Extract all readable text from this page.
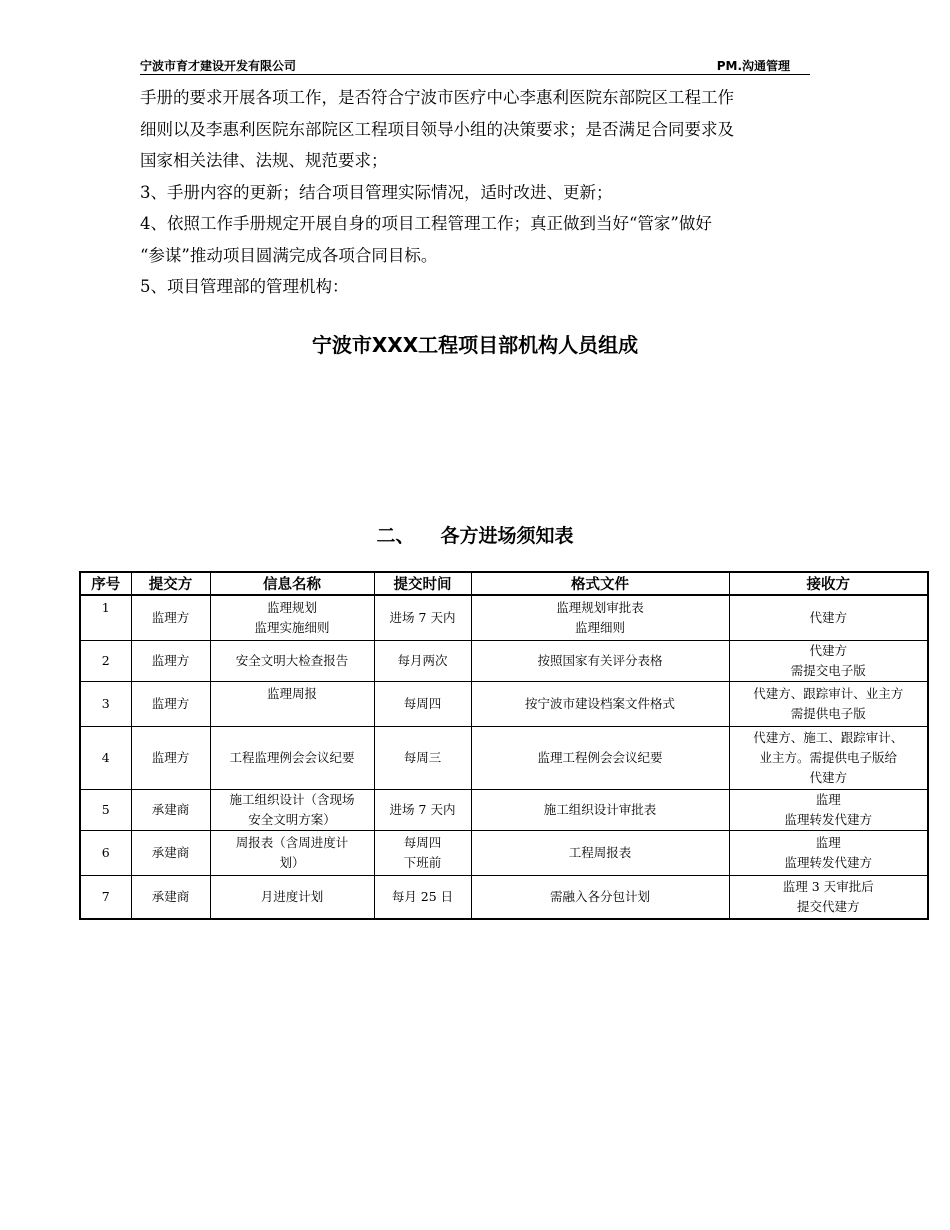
宁波市育才建设开发有限公司	PM.沟通管理

手册的要求开展各项工作，是否符合宁波市医疗中心李惠利医院东部院区工程工作

细则以及李惠利医院东部院区工程项目领导小组的决策要求；是否满足合同要求及

国家相关法律、法规、规范要求；

3、手册内容的更新；结合项目管理实际情况，适时改进、更新；

4、依照工作手册规定开展自身的项目工程管理工作；真正做到当好“管家”做好

“参谋”推动项目圆满完成各项合同目标。

5、项目管理部的管理机构：

宁波市XXX工程项目部机构人员组成
二、 各方进场须知表
序号	提交方	信息名称	提交时间	格式文件	接收方
1	监理方	监理规划
监理实施细则	进场 7 天内	监理规划审批表
监理细则	代建方

2	监理方	安全文明大检查报告	每月两次	按照国家有关评分表格	代建方
需提交电子版

3	监理方	监理周报	每周四	按宁波市建设档案文件格式	代建方、跟踪审计、业主方
需提供电子版

4	监理方	工程监理例会会议纪要	每周三	监理工程例会会议纪要	代建方、施工、跟踪审计、
业主方。需提供电子版给
代建方

5	承建商	施工组织设计（含现场
安全文明方案）	进场 7 天内	施工组织设计审批表	监理
监理转发代建方

6	承建商	周报表（含周进度计
划）	每周四
下班前	工程周报表	监理
监理转发代建方

7	承建商	月进度计划	每月 25 日	需融入各分包计划	监理 3 天审批后
提交代建方
